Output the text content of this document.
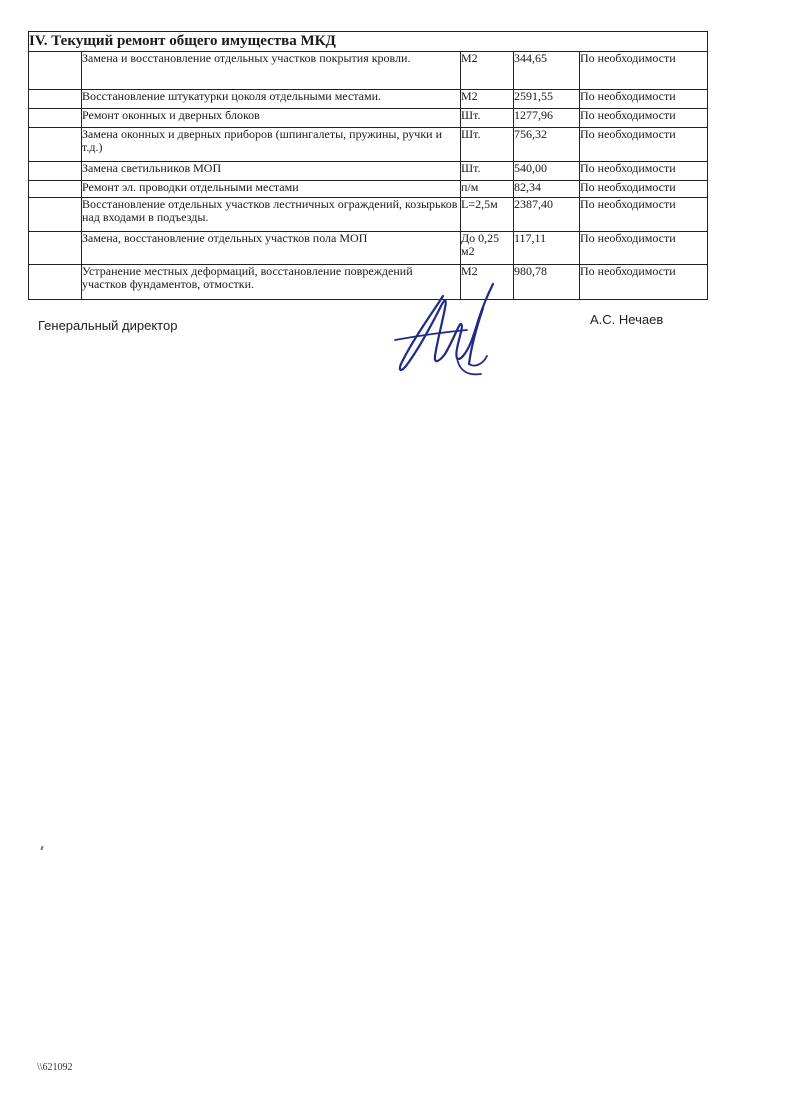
IV. Текущий ремонт общего имущества МКД				
	Замена и восстановление отдельных участков покрытия кровли.	М2	344,65	По необходимости
	Восстановление штукатурки цоколя отдельными местами.	М2	2591,55	По необходимости
	Ремонт оконных и дверных блоков	Шт.	1277,96	По необходимости
	Замена оконных и дверных приборов (шпингалеты, пружины, ручки и т.д.)	Шт.	756,32	По необходимости
	Замена светильников МОП	Шт.	540,00	По необходимости
	Ремонт эл. проводки отдельными местами	п/м	82,34	По необходимости
	Восстановление отдельных участков лестничных ограждений, козырьков над входами в подъезды.	L=2,5м	2387,40	По необходимости
	Замена, восстановление отдельных участков пола МОП	До 0,25 м2	117,11	По необходимости
	Устранение местных деформаций, восстановление повреждений участков фундаментов, отмостки.	М2	980,78	По необходимости
Генеральный директор	А.С. Нечаев
\\621092
